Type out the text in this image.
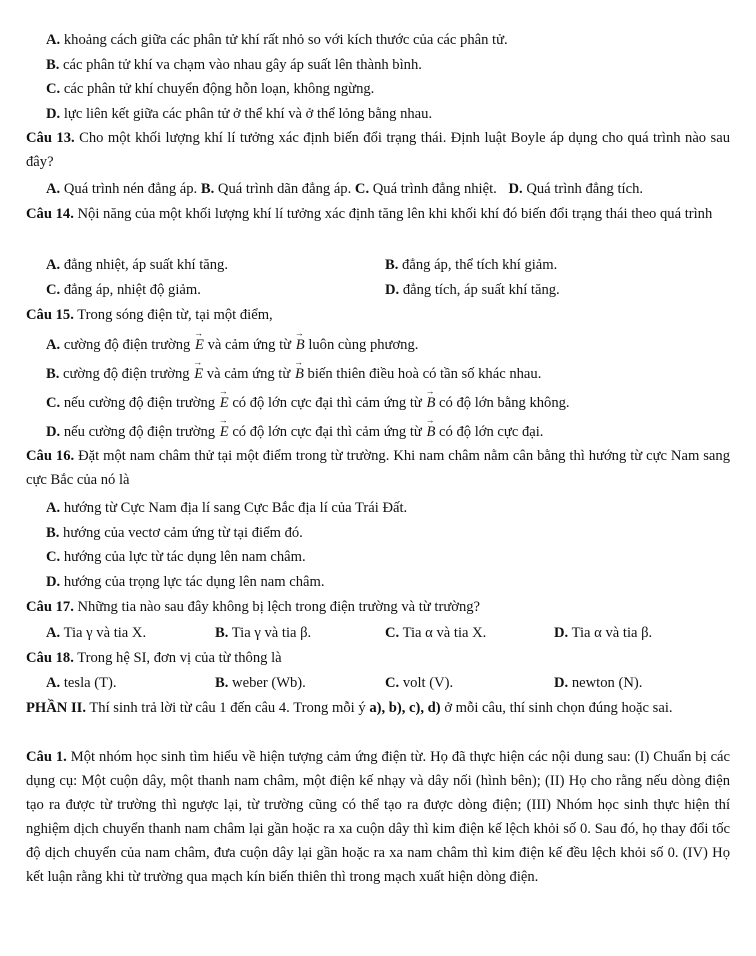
A. khoảng cách giữa các phân tử khí rất nhỏ so với kích thước của các phân tử.
B. các phân tử khí va chạm vào nhau gây áp suất lên thành bình.
C. các phân tử khí chuyển động hỗn loạn, không ngừng.
D. lực liên kết giữa các phân tử ở thể khí và ở thể lỏng bằng nhau.
Câu 13. Cho một khối lượng khí lí tưởng xác định biến đổi trạng thái. Định luật Boyle áp dụng cho quá trình nào sau đây?
A. Quá trình nén đẳng áp. B. Quá trình dãn đẳng áp. C. Quá trình đẳng nhiệt. D. Quá trình đẳng tích.
Câu 14. Nội năng của một khối lượng khí lí tưởng xác định tăng lên khi khối khí đó biến đổi trạng thái theo quá trình
A. đẳng nhiệt, áp suất khí tăng.	B. đẳng áp, thể tích khí giảm.
C. đẳng áp, nhiệt độ giảm.	D. đẳng tích, áp suất khí tăng.
Câu 15. Trong sóng điện từ, tại một điểm,
A. cường độ điện trường → E và cảm ứng từ → B luôn cùng phương.
B. cường độ điện trường → E và cảm ứng từ → B biến thiên điều hoà có tần số khác nhau.
C. nếu cường độ điện trường → E có độ lớn cực đại thì cảm ứng từ → B có độ lớn bằng không.
D. nếu cường độ điện trường → E có độ lớn cực đại thì cảm ứng từ → B có độ lớn cực đại.
Câu 16. Đặt một nam châm thử tại một điểm trong từ trường. Khi nam châm nằm cân bằng thì hướng từ cực Nam sang cực Bắc của nó là
A. hướng từ Cực Nam địa lí sang Cực Bắc địa lí của Trái Đất.
B. hướng của vectơ cảm ứng từ tại điểm đó.
C. hướng của lực từ tác dụng lên nam châm.
D. hướng của trọng lực tác dụng lên nam châm.
Câu 17. Những tia nào sau đây không bị lệch trong điện trường và từ trường?
A. Tia γ và tia X.	B. Tia γ và tia β.	C. Tia α và tia X.	D. Tia α và tia β.
Câu 18. Trong hệ SI, đơn vị của từ thông là
A. tesla (T).	B. weber (Wb).	C. volt (V).	D. newton (N).
PHẦN II. Thí sinh trả lời từ câu 1 đến câu 4. Trong mỗi ý a), b), c), d) ở mỗi câu, thí sinh chọn đúng hoặc sai.
Câu 1. Một nhóm học sinh tìm hiểu về hiện tượng cảm ứng điện từ. Họ đã thực hiện các nội dung sau: (I) Chuẩn bị các dụng cụ: Một cuộn dây, một thanh nam châm, một điện kế nhạy và dây nối (hình bên); (II) Họ cho rằng nếu dòng điện tạo ra được từ trường thì ngược lại, từ trường cũng có thể tạo ra được dòng điện; (III) Nhóm học sinh thực hiện thí nghiệm dịch chuyển thanh nam châm lại gần hoặc ra xa cuộn dây thì kim điện kế lệch khỏi số 0. Sau đó, họ thay đổi tốc độ dịch chuyển của nam châm, đưa cuộn dây lại gần hoặc ra xa nam châm thì kim điện kế đều lệch khỏi số 0. (IV) Họ kết luận rằng khi từ trường qua mạch kín biến thiên thì trong mạch xuất hiện dòng điện.
